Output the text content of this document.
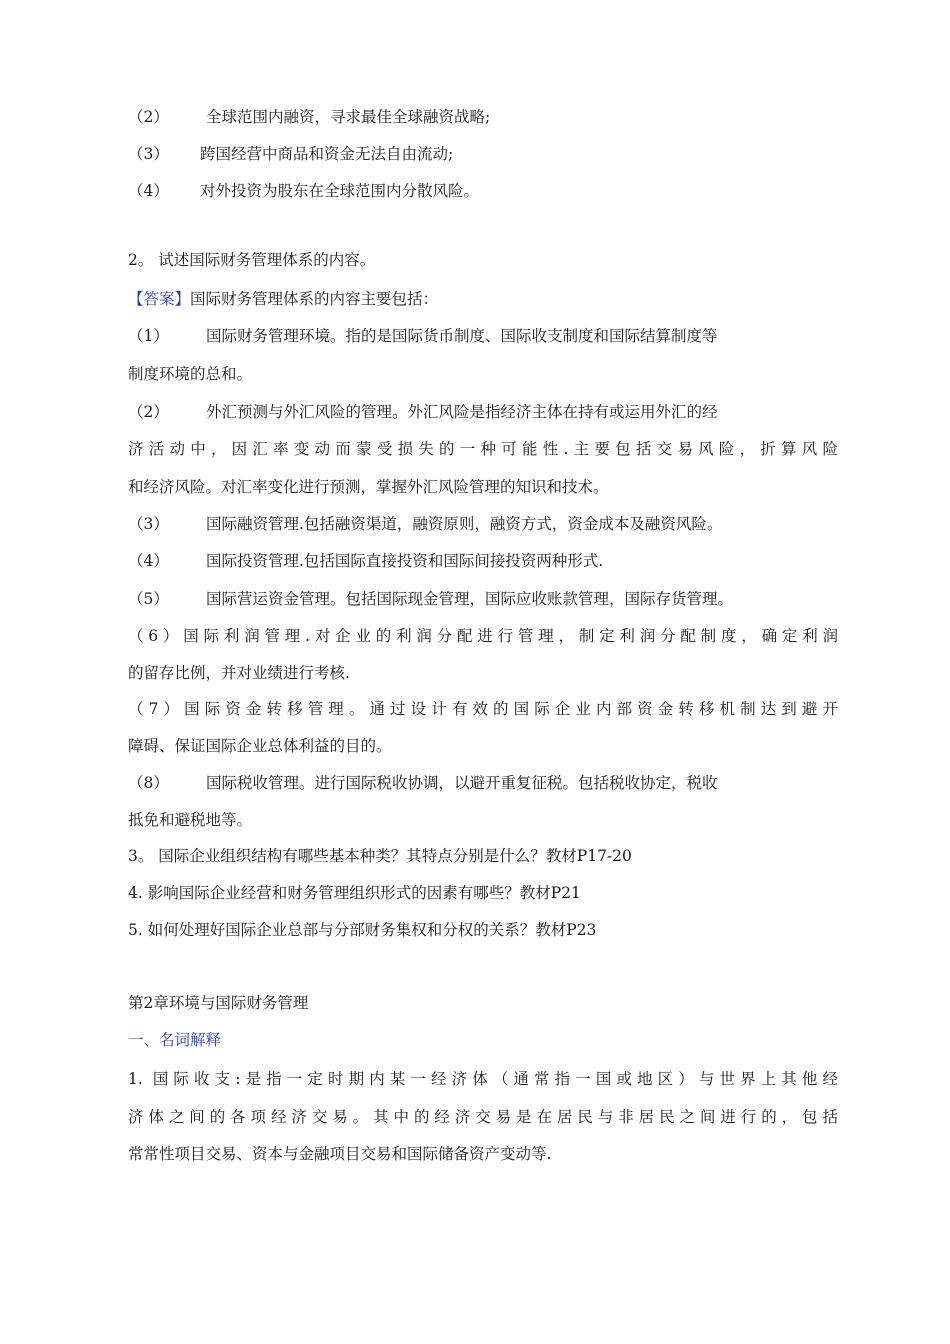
（2） 全球范围内融资，寻求最佳全球融资战略;
（3） 跨国经营中商品和资金无法自由流动;
（4） 对外投资为股东在全球范围内分散风险。
2。 试述国际财务管理体系的内容。
【答案】国际财务管理体系的内容主要包括：
（1） 国际财务管理环境。指的是国际货币制度、国际收支制度和国际结算制度等
制度环境的总和。
（2） 外汇预测与外汇风险的管理。外汇风险是指经济主体在持有或运用外汇的经
济活动中，因汇率变动而蒙受损失的一种可能性.主要包括交易风险，折算风险
和经济风险。对汇率变化进行预测，掌握外汇风险管理的知识和技术。
（3） 国际融资管理.包括融资渠道，融资原则，融资方式，资金成本及融资风险。
（4） 国际投资管理.包括国际直接投资和国际间接投资两种形式.
（5） 国际营运资金管理。包括国际现金管理，国际应收账款管理，国际存货管理。
（6）国际利润管理.对企业的利润分配进行管理，制定利润分配制度，确定利润
的留存比例，并对业绩进行考核.
（7）国际资金转移管理。通过设计有效的国际企业内部资金转移机制达到避开
障碍、保证国际企业总体利益的目的。
（8） 国际税收管理。进行国际税收协调，以避开重复征税。包括税收协定，税收
抵免和避税地等。
3。 国际企业组织结构有哪些基本种类？其特点分别是什么？教材P17-20
4. 影响国际企业经营和财务管理组织形式的因素有哪些？教材P21
5. 如何处理好国际企业总部与分部财务集权和分权的关系？教材P23
第2章环境与国际财务管理
一、名词解释
1. 国际收支:是指一定时期内某一经济体（通常指一国或地区）与世界上其他经
济体之间的各项经济交易。其中的经济交易是在居民与非居民之间进行的，包括
常常性项目交易、资本与金融项目交易和国际储备资产变动等.
